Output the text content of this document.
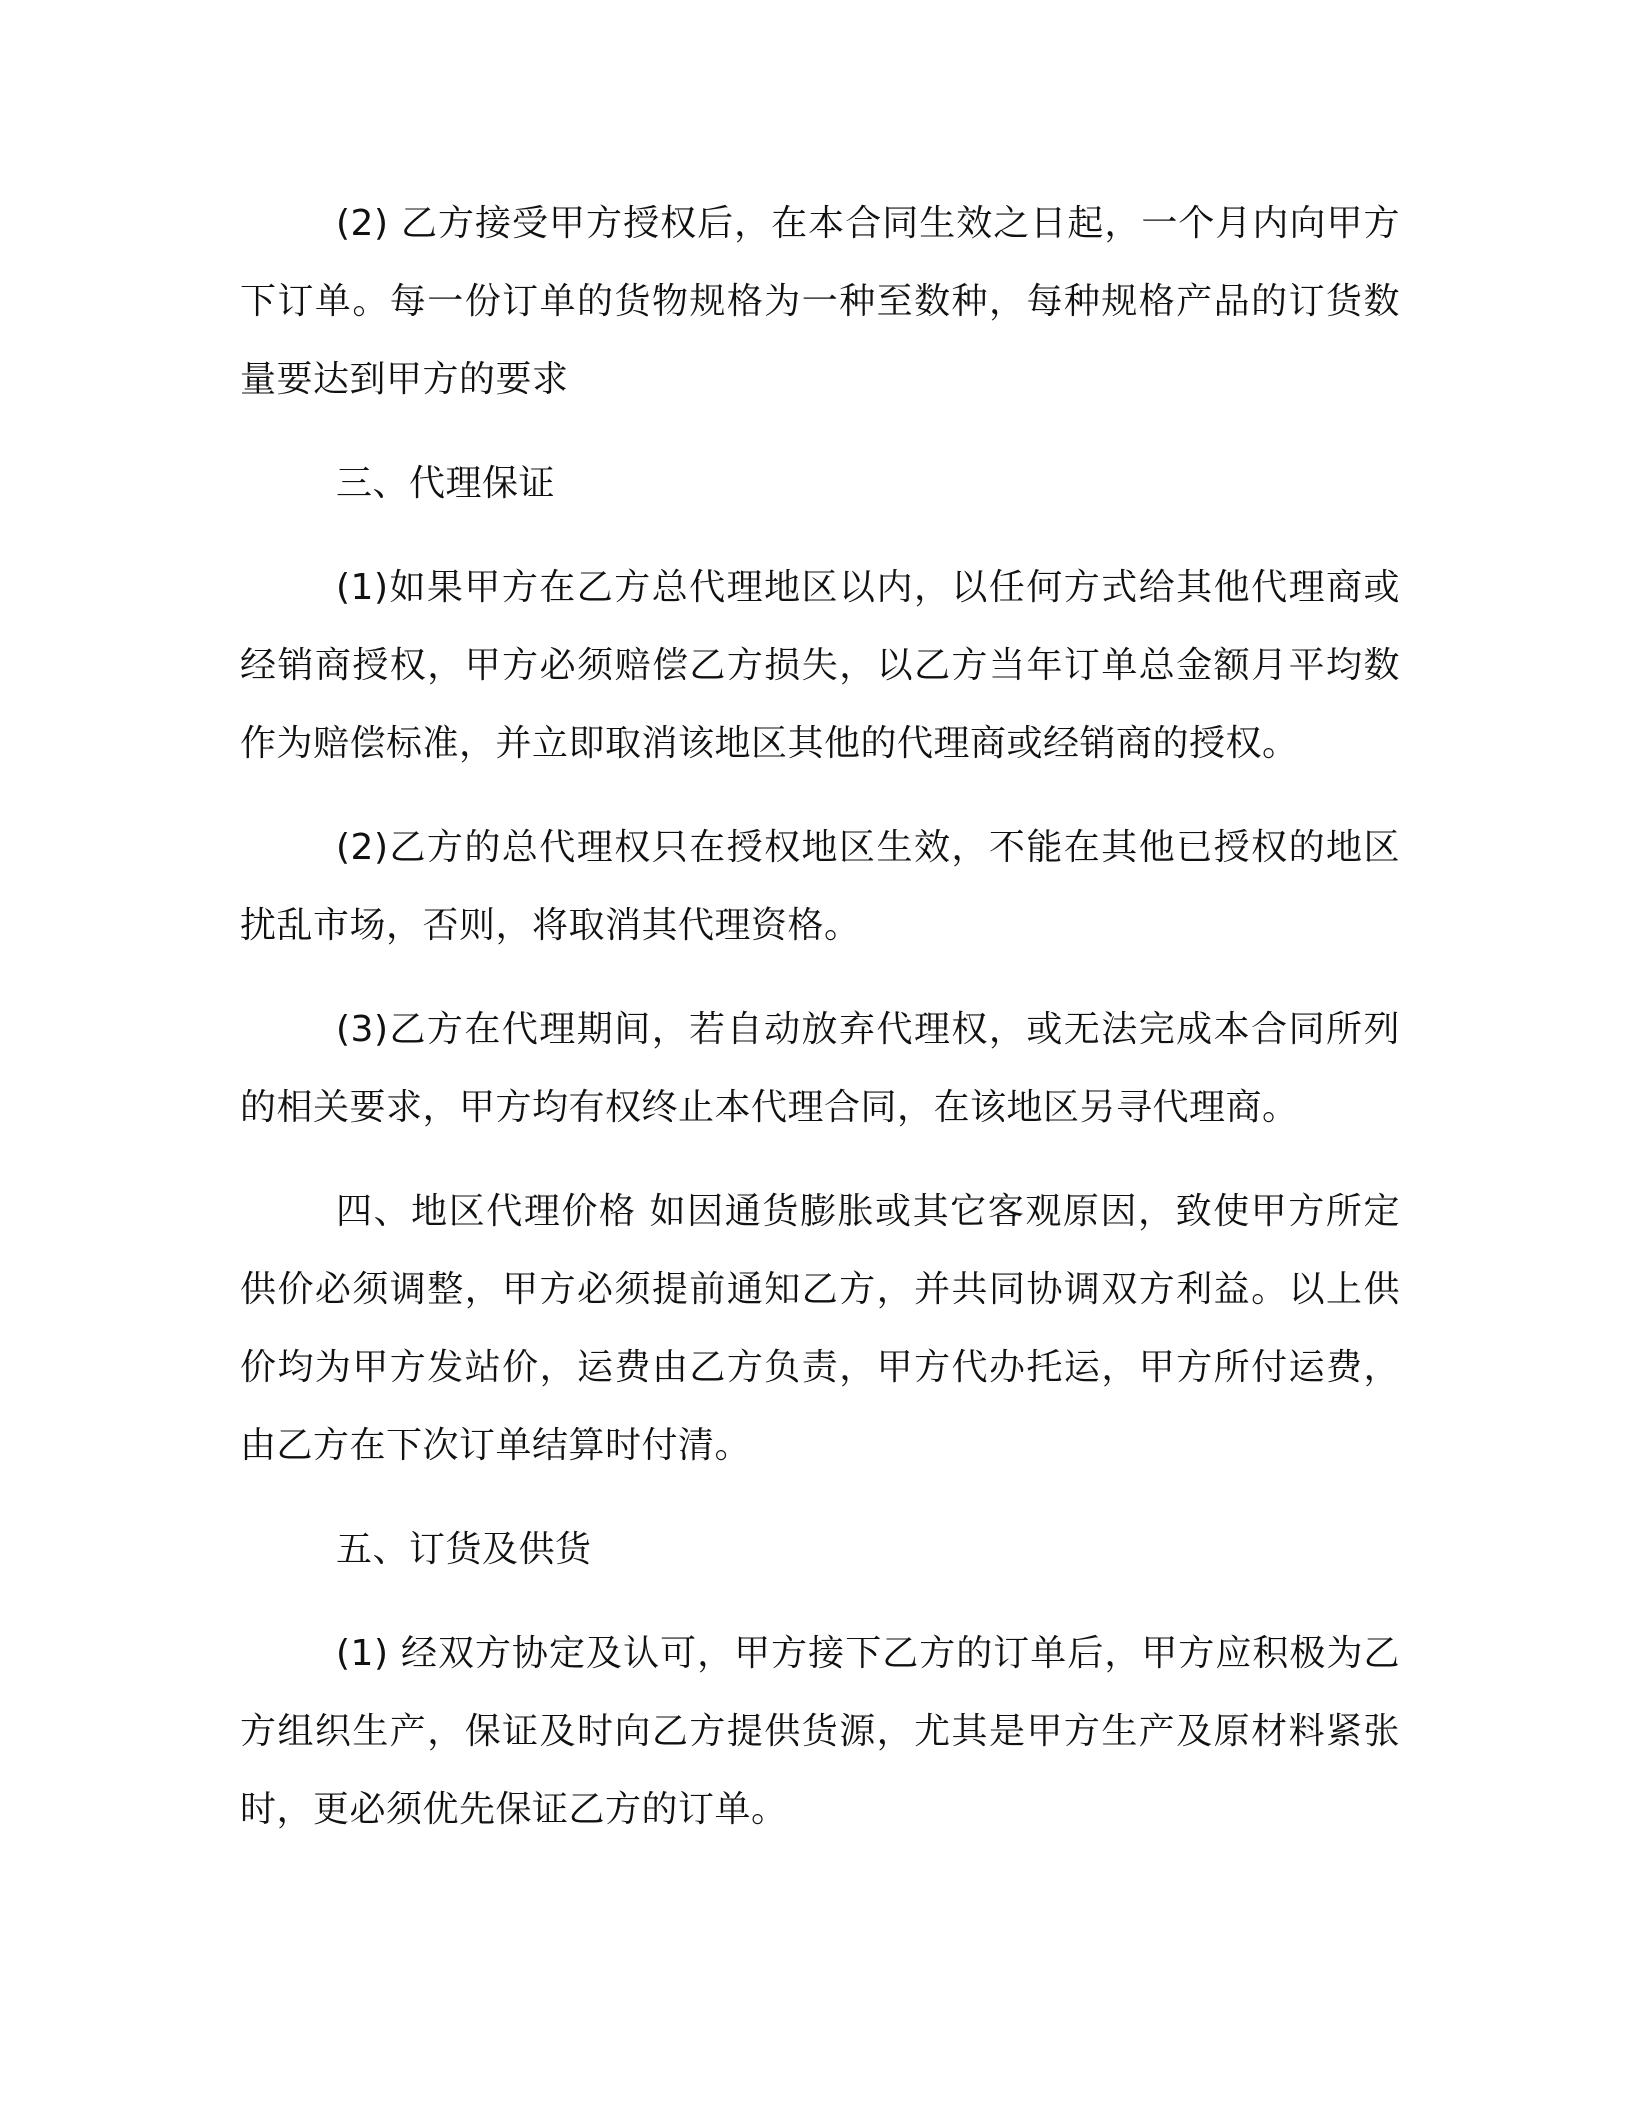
(2) 乙方接受甲方授权后，在本合同生效之日起，一个月内向甲方下订单。每一份订单的货物规格为一种至数种，每种规格产品的订货数量要达到甲方的要求

三、代理保证

(1)如果甲方在乙方总代理地区以内，以任何方式给其他代理商或经销商授权，甲方必须赔偿乙方损失，以乙方当年订单总金额月平均数作为赔偿标准，并立即取消该地区其他的代理商或经销商的授权。

(2)乙方的总代理权只在授权地区生效，不能在其他已授权的地区扰乱市场，否则，将取消其代理资格。

(3)乙方在代理期间，若自动放弃代理权，或无法完成本合同所列的相关要求，甲方均有权终止本代理合同，在该地区另寻代理商。

四、地区代理价格 如因通货膨胀或其它客观原因，致使甲方所定供价必须调整，甲方必须提前通知乙方，并共同协调双方利益。以上供价均为甲方发站价，运费由乙方负责，甲方代办托运，甲方所付运费，由乙方在下次订单结算时付清。

五、订货及供货

(1) 经双方协定及认可，甲方接下乙方的订单后，甲方应积极为乙方组织生产，保证及时向乙方提供货源，尤其是甲方生产及原材料紧张时，更必须优先保证乙方的订单。
